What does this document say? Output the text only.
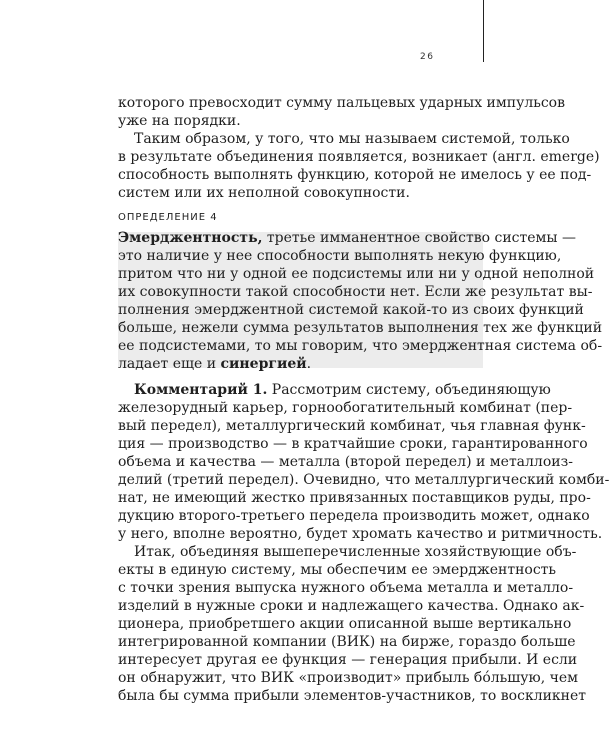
26
которого превосходит сумму пальцевых ударных импульсов
уже на порядки.
Таким образом, у того, что мы называем системой, только
в результате объединения появляется, возникает (англ. emerge)
способность выполнять функцию, которой не имелось у ее под-
систем или их неполной совокупности.
ОПРЕДЕЛЕНИЕ 4
Эмерджентность, третье имманентное свойство системы —
это наличие у нее способности выполнять некую функцию,
притом что ни у одной ее подсистемы или ни у одной неполной
их совокупности такой способности нет. Если же результат вы-
полнения эмерджентной системой какой-то из своих функций
больше, нежели сумма результатов выполнения тех же функций
ее подсистемами, то мы говорим, что эмерджентная система об-
ладает еще и синергией.
Комментарий 1. Рассмотрим систему, объединяющую
железорудный карьер, горнообогатительный комбинат (пер-
вый передел), металлургический комбинат, чья главная функ-
ция — производство — в кратчайшие сроки, гарантированного
объема и качества — металла (второй передел) и металлоиз-
делий (третий передел). Очевидно, что металлургический комби-
нат, не имеющий жестко привязанных поставщиков руды, про-
дукцию второго-третьего передела производить может, однако
у него, вполне вероятно, будет хромать качество и ритмичность.
Итак, объединяя вышеперечисленные хозяйствующие объ-
екты в единую систему, мы обеспечим ее эмерджентность
с точки зрения выпуска нужного объема металла и металло-
изделий в нужные сроки и надлежащего качества. Однако ак-
ционера, приобретшего акции описанной выше вертикально
интегрированной компании (ВИК) на бирже, гораздо больше
интересует другая ее функция — генерация прибыли. И если
он обнаружит, что ВИК «производит» прибыль бóльшую, чем
была бы сумма прибыли элементов-участников, то воскликнет
